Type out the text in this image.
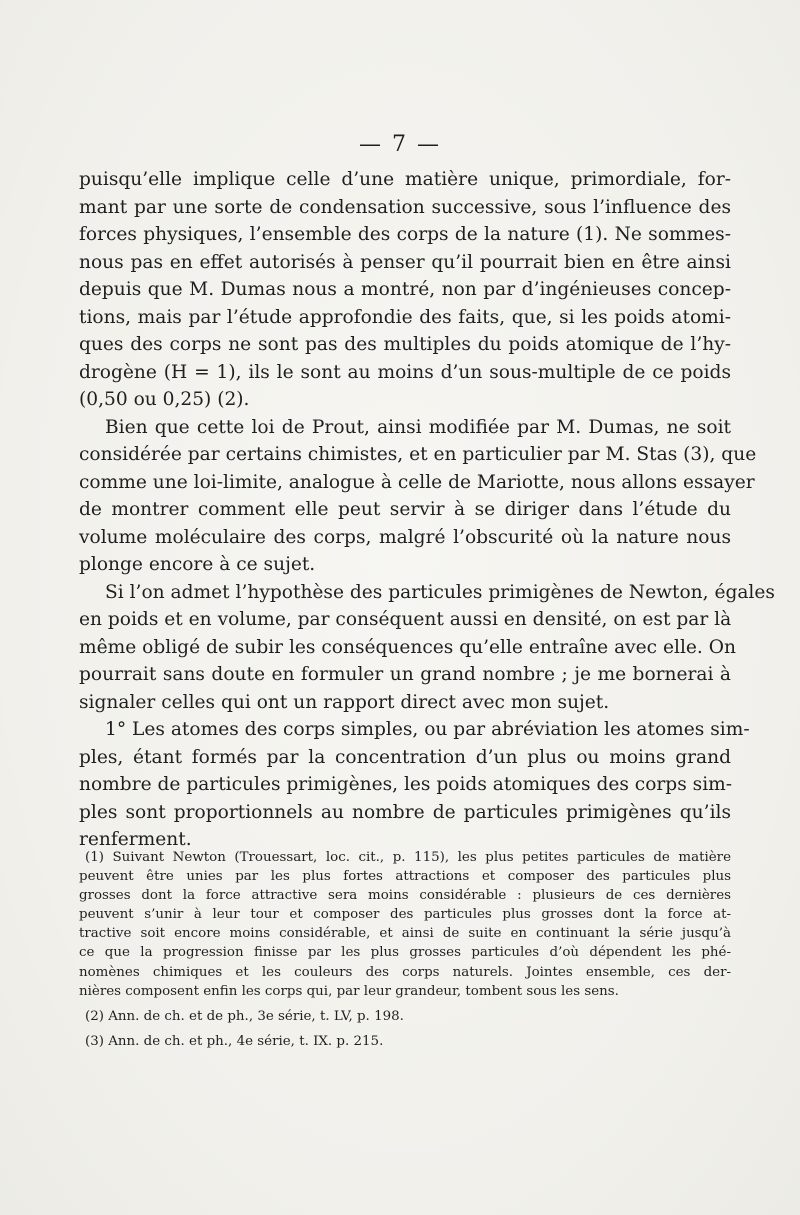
— 7 —
puisqu’elle implique celle d’une matière unique, primordiale, for-
mant par une sorte de condensation successive, sous l’influence des
forces physiques, l’ensemble des corps de la nature (1). Ne sommes-
nous pas en effet autorisés à penser qu’il pourrait bien en être ainsi
depuis que M. Dumas nous a montré, non par d’ingénieuses concep-
tions, mais par l’étude approfondie des faits, que, si les poids atomi-
ques des corps ne sont pas des multiples du poids atomique de l’hy-
drogène (H = 1), ils le sont au moins d’un sous-multiple de ce poids
(0,50 ou 0,25) (2).
Bien que cette loi de Prout, ainsi modifiée par M. Dumas, ne soit
considérée par certains chimistes, et en particulier par M. Stas (3), que
comme une loi-limite, analogue à celle de Mariotte, nous allons essayer
de montrer comment elle peut servir à se diriger dans l’étude du
volume moléculaire des corps, malgré l’obscurité où la nature nous
plonge encore à ce sujet.
Si l’on admet l’hypothèse des particules primigènes de Newton, égales
en poids et en volume, par conséquent aussi en densité, on est par là
même obligé de subir les conséquences qu’elle entraîne avec elle. On
pourrait sans doute en formuler un grand nombre ; je me bornerai à
signaler celles qui ont un rapport direct avec mon sujet.
1° Les atomes des corps simples, ou par abréviation les atomes sim-
ples, étant formés par la concentration d’un plus ou moins grand
nombre de particules primigènes, les poids atomiques des corps sim-
ples sont proportionnels au nombre de particules primigènes qu’ils
renferment.
(1) Suivant Newton (Trouessart, loc. cit., p. 115), les plus petites particules de matière
peuvent être unies par les plus fortes attractions et composer des particules plus
grosses dont la force attractive sera moins considérable : plusieurs de ces dernières
peuvent s’unir à leur tour et composer des particules plus grosses dont la force at-
tractive soit encore moins considérable, et ainsi de suite en continuant la série jusqu’à
ce que la progression finisse par les plus grosses particules d’où dépendent les phé-
nomènes chimiques et les couleurs des corps naturels. Jointes ensemble, ces der-
nières composent enfin les corps qui, par leur grandeur, tombent sous les sens.
(2) Ann. de ch. et de ph., 3e série, t. LV, p. 198.
(3) Ann. de ch. et ph., 4e série, t. IX. p. 215.
